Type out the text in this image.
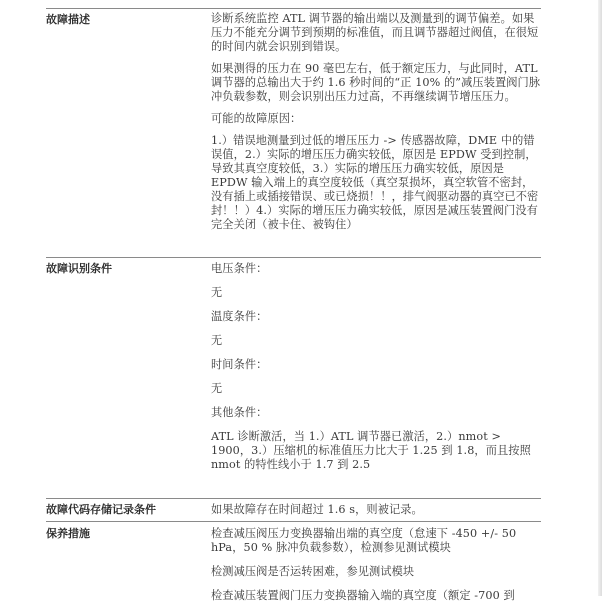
故障描述	诊断系统监控 ATL 调节器的输出端以及测量到的调节偏差。如果压力不能充分调节到预期的标准值，而且调节器超过阀值，在很短的时间内就会识别到错误。

如果测得的压力在 90 毫巴左右，低于额定压力，与此同时，ATL 调节器的总输出大于约 1.6 秒时间的“正 10% 的”减压装置阀门脉冲负载参数，则会识别出压力过高，不再继续调节增压压力。

可能的故障原因：

1.）错误地测量到过低的增压压力 -> 传感器故障，DME 中的错误值，2.）实际的增压压力确实较低，原因是 EPDW 受到控制，导致其真空度较低，3.）实际的增压压力确实较低，原因是 EPDW 输入端上的真空度较低（真空泵损坏，真空软管不密封，没有插上或插接错误、或已烧损！！，排气阀驱动器的真空已不密封！！）4.）实际的增压压力确实较低，原因是减压装置阀门没有完全关闭（被卡住、被钩住）

故障识别条件	电压条件：

无

温度条件：

无

时间条件：

无

其他条件：

ATL 诊断激活，当 1.）ATL 调节器已激活，2.）nmot > 1900，3.）压缩机的标准值压力比大于 1.25 到 1.8，而且按照 nmot 的特性线小于 1.7 到 2.5

故障代码存储记录条件	如果故障存在时间超过 1.6 s，则被记录。

保养措施	检查减压阀压力变换器输出端的真空度（怠速下 -450 +/- 50 hPa，50 % 脉冲负载参数），检测参见测试模块

检测减压阀是否运转困难，参见测试模块

检查减压装置阀门压力变换器输入端的真空度（额定 -700 到
